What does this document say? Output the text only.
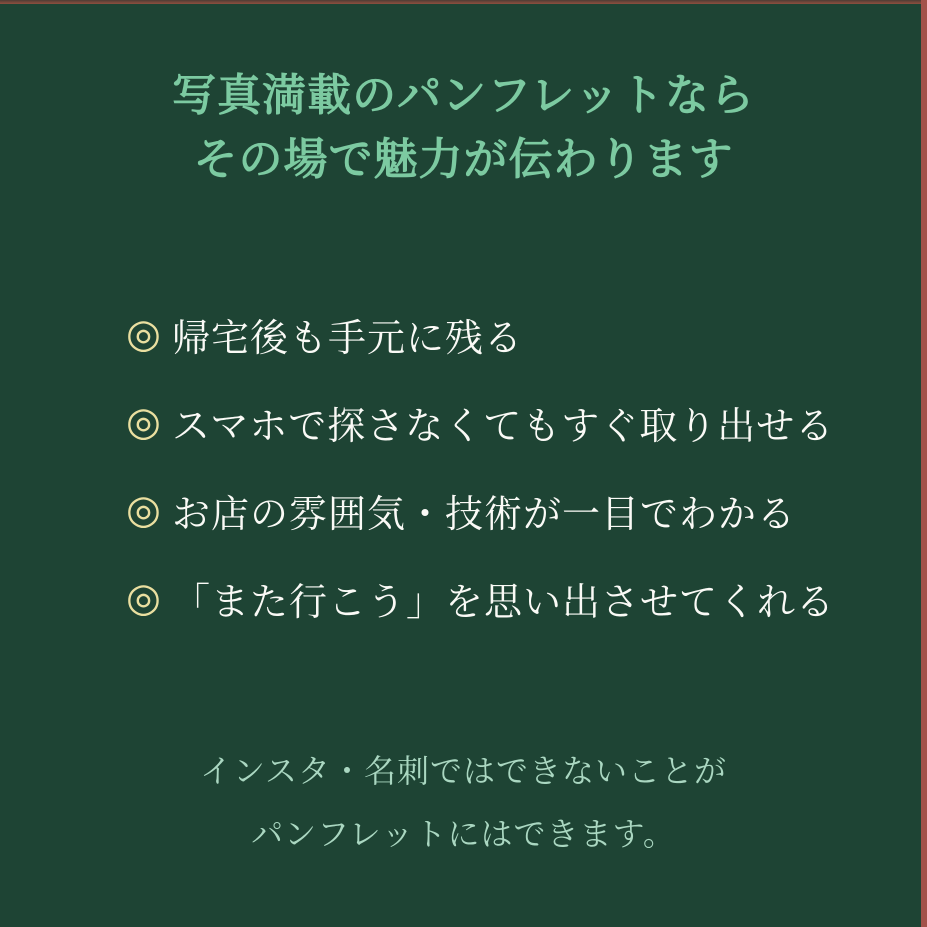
写真満載のパンフレットなら
その場で魅力が伝わります
◎ 帰宅後も手元に残る
◎ スマホで探さなくてもすぐ取り出せる
◎ お店の雰囲気・技術が一目でわかる
◎ 「また行こう」を思い出させてくれる

インスタ・名刺ではできないことが
パンフレットにはできます。
